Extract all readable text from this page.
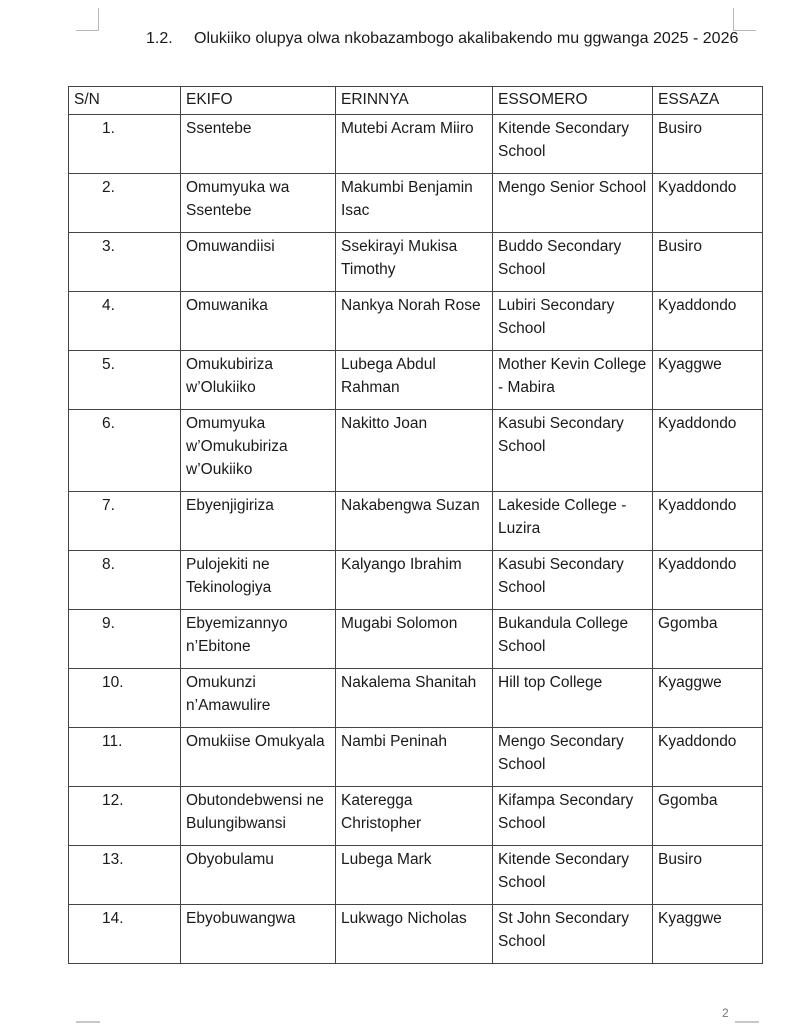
1.2. Olukiiko olupya olwa nkobazambogo akalibakendo mu ggwanga 2025 - 2026
S/N	EKIFO	ERINNYA	ESSOMERO	ESSAZA
1.	Ssentebe	Mutebi Acram Miiro	Kitende Secondary School	Busiro
2.	Omumyuka wa Ssentebe	Makumbi Benjamin Isac	Mengo Senior School	Kyaddondo
3.	Omuwandiisi	Ssekirayi Mukisa Timothy	Buddo Secondary School	Busiro
4.	Omuwanika	Nankya Norah Rose	Lubiri Secondary School	Kyaddondo
5.	Omukubiriza w’Olukiiko	Lubega Abdul Rahman	Mother Kevin College - Mabira	Kyaggwe
6.	Omumyuka w’Omukubiriza w’Oukiiko	Nakitto Joan	Kasubi Secondary School	Kyaddondo
7.	Ebyenjigiriza	Nakabengwa Suzan	Lakeside College - Luzira	Kyaddondo
8.	Pulojekiti ne Tekinologiya	Kalyango Ibrahim	Kasubi Secondary School	Kyaddondo
9.	Ebyemizannyo n’Ebitone	Mugabi Solomon	Bukandula College School	Ggomba
10.	Omukunzi n’Amawulire	Nakalema Shanitah	Hill top College	Kyaggwe
11.	Omukiise Omukyala	Nambi Peninah	Mengo Secondary School	Kyaddondo
12.	Obutondebwensi ne Bulungibwansi	Kateregga Christopher	Kifampa Secondary School	Ggomba
13.	Obyobulamu	Lubega Mark	Kitende Secondary School	Busiro
14.	Ebyobuwangwa	Lukwago Nicholas	St John Secondary School	Kyaggwe
2
